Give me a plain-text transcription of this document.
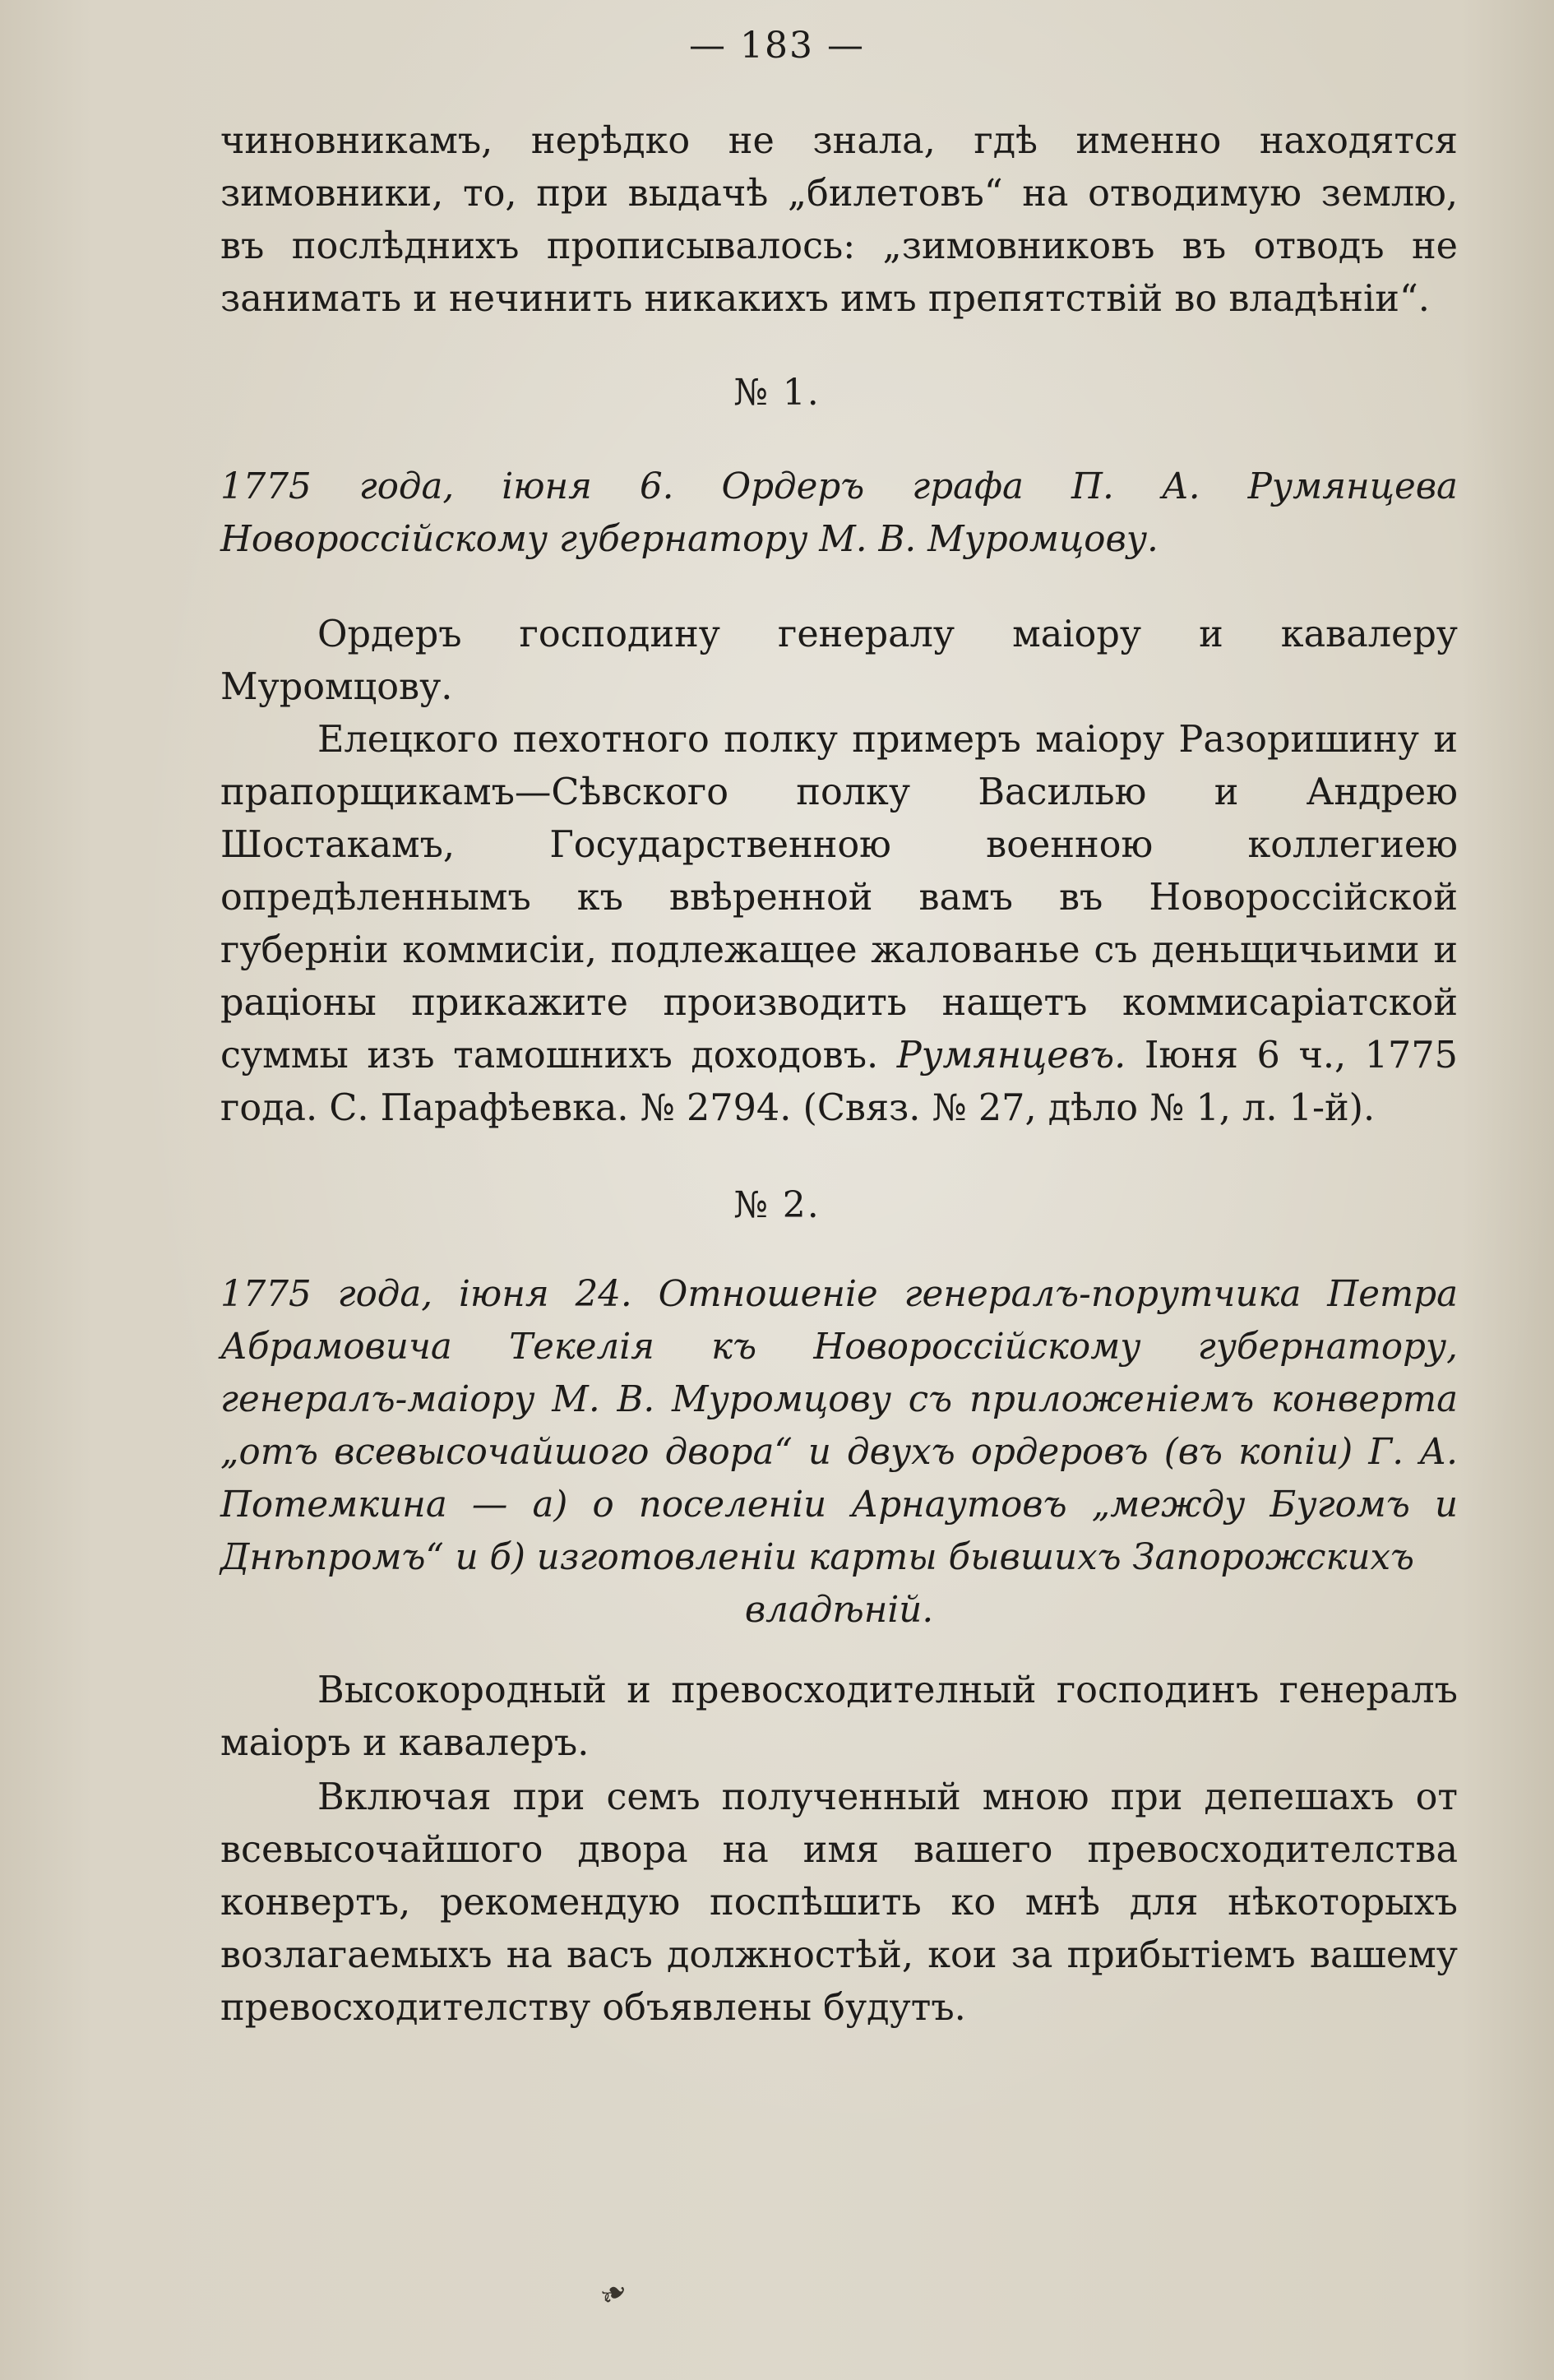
— 183 —

чиновникамъ, нерѣдко не знала, гдѣ именно находятся зимовники, то, при выдачѣ „билетовъ“ на отводимую землю, въ послѣднихъ прописывалось: „зимовниковъ въ отводъ не занимать и нечинить никакихъ имъ препятствій во владѣніи“.

№ 1.

1775 года, іюня 6. Ордеръ графа П. А. Румянцева Новороссійскому губернатору М. В. Муромцову.

Ордеръ господину генералу маіору и кавалеру Муромцову.

Елецкого пехотного полку примеръ маіору Разоришину и прапорщикамъ—Сѣвского полку Василью и Андрею Шостакамъ, Государственною военною коллегиею опредѣленнымъ къ ввѣренной вамъ въ Новороссійской губерніи коммисіи, подлежащее жалованье съ деньщичьими и раціоны прикажите производить нащетъ коммисаріатской суммы изъ тамошнихъ доходовъ. Румянцевъ. Іюня 6 ч., 1775 года. С. Парафѣевка. № 2794. (Связ. № 27, дѣло № 1, л. 1-й).

№ 2.

1775 года, іюня 24. Отношеніе генералъ-порутчика Петра Абрамовича Текелія къ Новороссійскому губернатору, генералъ-маіору М. В. Муромцову съ приложеніемъ конверта „отъ всевысочайшого двора“ и двухъ ордеровъ (въ копіи) Г. А. Потемкина — а) о поселеніи Арнаутовъ „между Бугомъ и Днѣпромъ“ и б) изготовленіи карты бывшихъ Запорожскихъ

владѣній.

Высокородный и превосходителный господинъ генералъ маіоръ и кавалеръ.

Включая при семъ полученный мною при депешахъ от всевысочайшого двора на имя вашего превосходителства конвертъ, рекомендую поспѣшить ко мнѣ для нѣкоторыхъ возлагаемыхъ на васъ должностѣй, кои за прибытіемъ вашему превосходителству объявлены будутъ.

❧
